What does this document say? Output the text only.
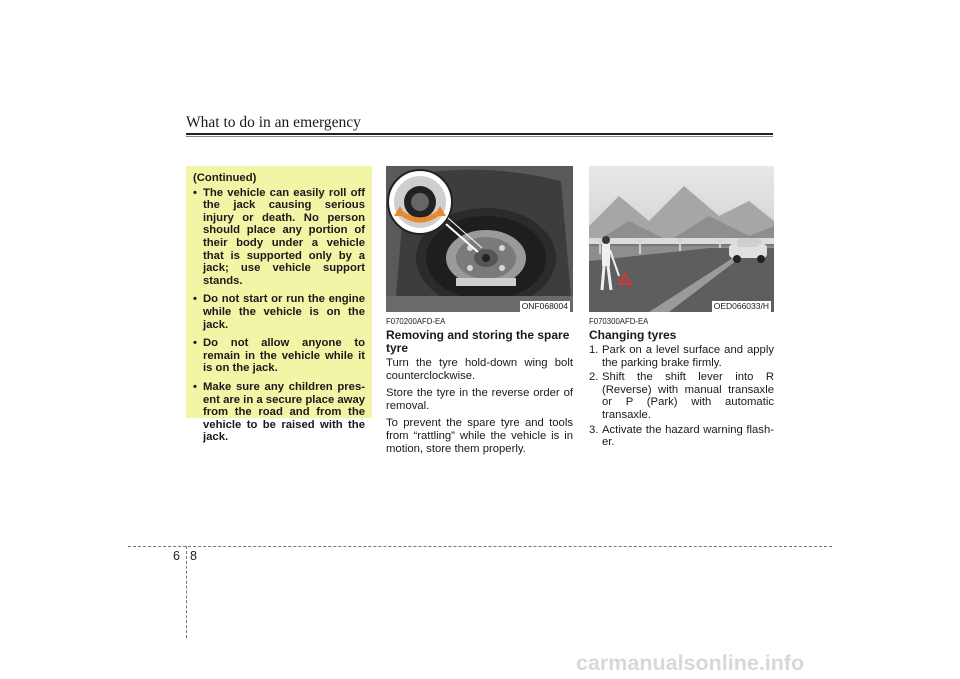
What to do in an emergency
(Continued)
• The vehicle can easily roll off the jack causing serious injury or death. No person should place any portion of their body under a vehicle that is supported only by a jack; use vehicle support stands.
• Do not start or run the engine while the vehicle is on the jack.
• Do not allow anyone to remain in the vehicle while it is on the jack.
• Make sure any children pres- ent are in a secure place away from the road and from the vehicle to be raised with the jack.
ONF068004	OED066033/H
F070200AFD-EA
Removing and storing the spare tyre

Turn the tyre hold-down wing bolt counterclockwise.

Store the tyre in the reverse order of removal.

To prevent the spare tyre and tools from “rattling” while the vehicle is in motion, store them properly.

F070300AFD-EA
Changing tyres
1. Park on a level surface and apply the parking brake firmly.
2. Shift the shift lever into R (Reverse) with manual transaxle or P (Park) with automatic transaxle.
3. Activate the hazard warning flash- er.
6 8
carmanualsonline.info
